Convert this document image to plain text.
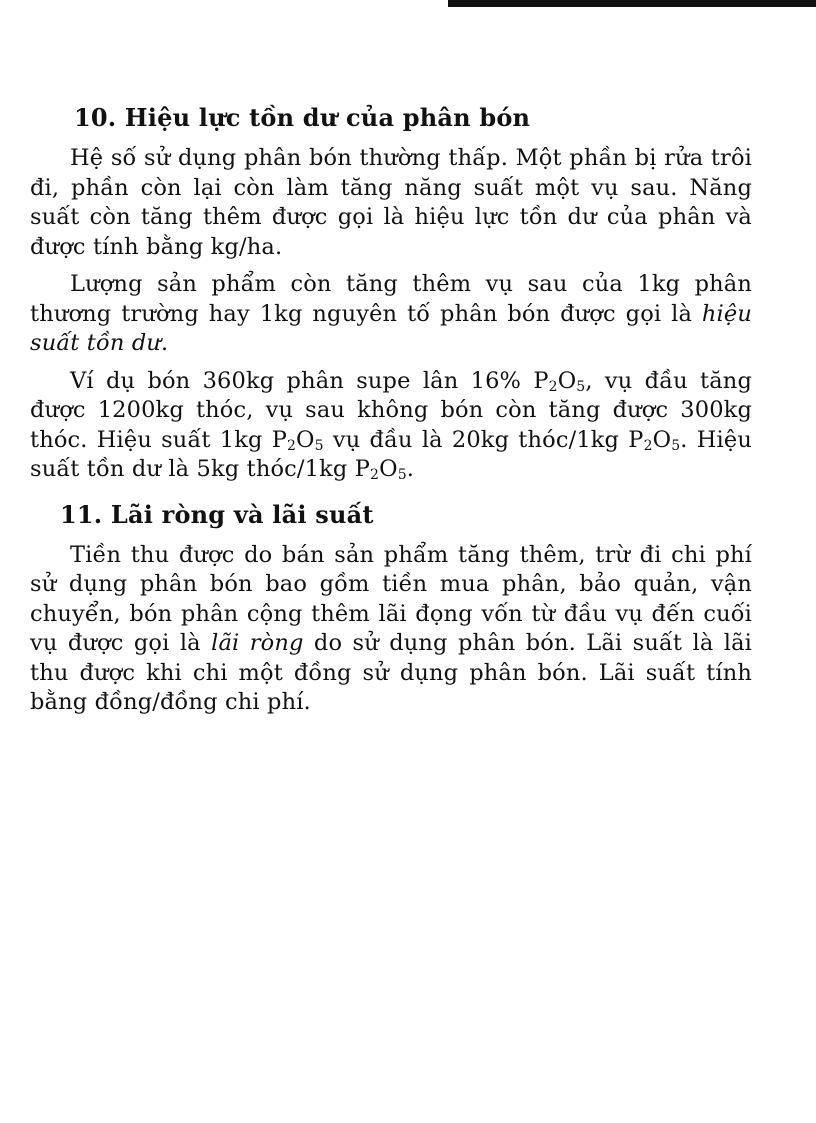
10. Hiệu lực tồn dư của phân bón

Hệ số sử dụng phân bón thường thấp. Một phần bị rửa trôi đi, phần còn lại còn làm tăng năng suất một vụ sau. Năng suất còn tăng thêm được gọi là hiệu lực tồn dư của phân và được tính bằng kg/ha.

Lượng sản phẩm còn tăng thêm vụ sau của 1kg phân thương trường hay 1kg nguyên tố phân bón được gọi là hiệu suất tồn dư.

Ví dụ bón 360kg phân supe lân 16% $P_2O_5$, vụ đầu tăng được 1200kg thóc, vụ sau không bón còn tăng được 300kg thóc. Hiệu suất 1kg $P_2O_5$ vụ đầu là 20kg thóc/1kg $P_2O_5$. Hiệu suất tồn dư là 5kg thóc/1kg $P_2O_5$.

11. Lãi ròng và lãi suất

Tiền thu được do bán sản phẩm tăng thêm, trừ đi chi phí sử dụng phân bón bao gồm tiền mua phân, bảo quản, vận chuyển, bón phân cộng thêm lãi đọng vốn từ đầu vụ đến cuối vụ được gọi là lãi ròng do sử dụng phân bón. Lãi suất là lãi thu được khi chi một đồng sử dụng phân bón. Lãi suất tính bằng đồng/đồng chi phí.
